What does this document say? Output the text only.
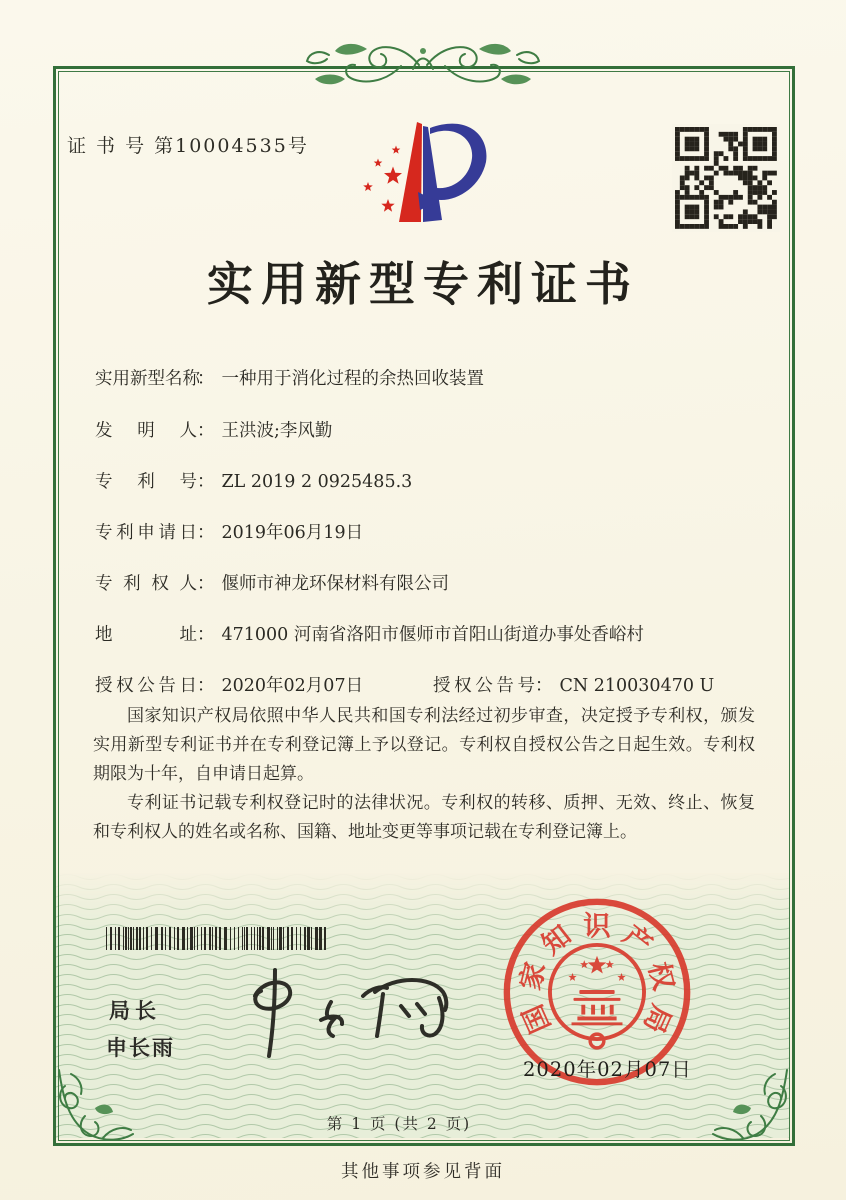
证 书 号 第10004535号
实用新型专利证书
实用新型名称： 一种用于消化过程的余热回收装置
发明人： 王洪波;李风勤
专利号： ZL 2019 2 0925485.3
专利申请日： 2019年06月19日
专利权人： 偃师市神龙环保材料有限公司
地址： 471000 河南省洛阳市偃师市首阳山街道办事处香峪村
授权公告日： 2020年02月07日	授权公告号： CN 210030470 U

国家知识产权局依照中华人民共和国专利法经过初步审查，决定授予专利权，颁发实用新型专利证书并在专利登记簿上予以登记。专利权自授权公告之日起生效。专利权期限为十年，自申请日起算。

专利证书记载专利权登记时的法律状况。专利权的转移、质押、无效、终止、恢复和专利权人的姓名或名称、国籍、地址变更等事项记载在专利登记簿上。

局长
申长雨
国
家
知 识 产
权
局
2020年02月07日
第 1 页 (共 2 页)
其他事项参见背面
